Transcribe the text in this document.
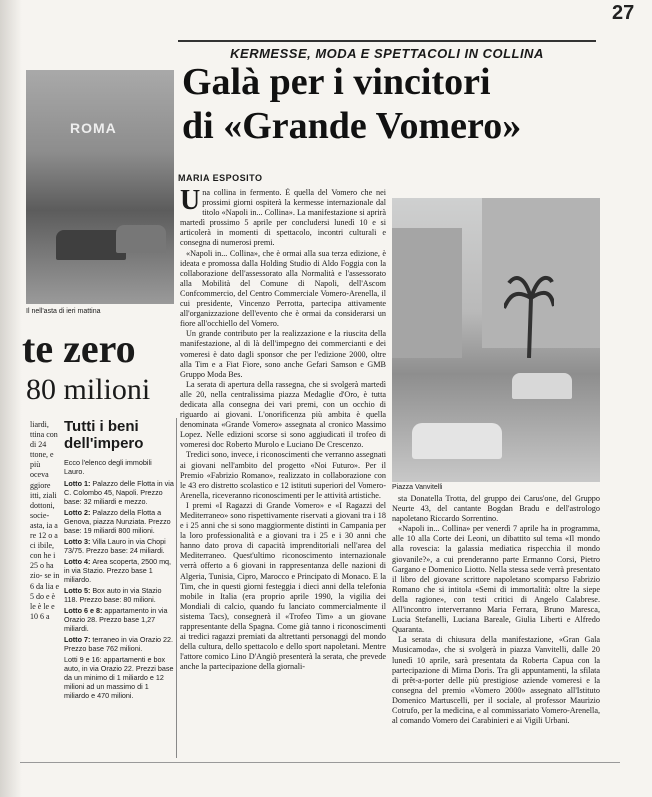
27
KERMESSE, MODA E SPETTACOLI IN COLLINA
Galà per i vincitori
di «Grande Vomero»
MARIA ESPOSITO
ROMA
Il nell'asta di ieri mattina
te zero
80 milioni
liardi, ttina con di 24 ttone, e più oceva ggiore itti, ziali dottoni, socie- asta, ia a re 12 o a ci ibile, con he i 25 o ha zio- se in 6 da lia e 5 do e è le è le e 10 6 a
Tutti i beni dell'impero
Ecco l'elenco degli immobili Lauro.

Lotto 1: Palazzo delle Flotta in via C. Colombo 45, Napoli. Prezzo base: 32 miliardi e mezzo.

Lotto 2: Palazzo della Flotta a Genova, piazza Nunziata. Prezzo base: 19 miliardi 800 milioni.

Lotto 3: Villa Lauro in via Chopi 73/75. Prezzo base: 24 miliardi.

Lotto 4: Area scoperta, 2500 mq, in via Stazio. Prezzo base 1 miliardo.

Lotto 5: Box auto in via Stazio 118. Prezzo base: 80 milioni.

Lotto 6 e 8: appartamento in via Orazio 28. Prezzo base 1,27 miliardi.

Lotto 7: terraneo in via Orazio 22. Prezzo base 762 milioni.

Lotti 9 e 16: appartamenti e box auto, in via Orazio 22. Prezzi base da un minimo di 1 miliardo e 12 milioni ad un massimo di 1 miliardo e 470 milioni.

U na collina in fermento. È quella del Vomero che nei prossimi giorni ospiterà la kermesse internazionale dal titolo «Napoli in... Collina». La manifestazione si aprirà martedì prossimo 5 aprile per concludersi lunedì 10 e si articolerà in momenti di spettacolo, incontri culturali e consegna di numerosi premi.

«Napoli in... Collina», che è ormai alla sua terza edizione, è ideata e promossa dalla Holding Studio di Aldo Foggia con la collaborazione dell'assessorato alla Normalità e l'assessorato alla Mobilità del Comune di Napoli, dell'Ascom Confcommercio, del Centro Commerciale Vomero-Arenella, il cui presidente, Vincenzo Perrotta, partecipa attivamente all'organizzazione dell'evento che è ormai da considerarsi un fiore all'occhiello del Vomero.

Un grande contributo per la realizzazione e la riuscita della manifestazione, al di là dell'impegno dei commercianti e dei vomeresi è dato dagli sponsor che per l'edizione 2000, oltre alla Tim e a Fiat Fiore, sono anche Gefari Samson e GMB Gruppo Moda Bes.

La serata di apertura della rassegna, che si svolgerà martedì alle 20, nella centralissima piazza Medaglie d'Oro, è tutta dedicata alla consegna dei vari premi, con un occhio di riguardo ai giovani. L'onorificenza più ambita è quella denominata «Grande Vomero» assegnata al cronico Massimo Lopez. Nelle edizioni scorse si sono aggiudicati il trofeo di vomeresi doc Roberto Murolo e Luciano De Crescenzo.

Tredici sono, invece, i riconoscimenti che verranno assegnati ai giovani nell'ambito del progetto «Noi Futuro». Per il Premio «Fabrizio Romano», realizzato in collaborazione con le 43 ero distretto scolastico e 12 istituti superiori del Vomero-Arenella, riceveranno riconoscimenti per le attività artistiche.

I premi «I Ragazzi di Grande Vomero» e «I Ragazzi del Mediterraneo» sono rispettivamente riservati a giovani tra i 18 e i 25 anni che si sono maggiormente distinti in Campania per la loro professionalità e a giovani tra i 25 e i 30 anni che hanno dato prova di capacità imprenditoriali nell'area del Mediterraneo. Quest'ultimo riconoscimento internazionale verrà offerto a 6 giovani in rappresentanza delle nazioni di Algeria, Tunisia, Cipro, Marocco e Principato di Monaco. E la Tim, che in questi giorni festeggia i dieci anni della telefonia mobile in Italia (era proprio aprile 1990, la vigilia dei Mondiali di calcio, quando fu lanciato commercialmente il sistema Tacs), consegnerà il «Trofeo Tim» a un giovane rappresentante della Spagna. Come già tanno i riconoscimenti ai tredici ragazzi premiati da altrettanti personaggi del mondo della cultura, dello spettacolo e dello sport napoletani. Mentre l'attore comico Lino D'Angiò presenterà la serata, che prevede anche la partecipazione della giornali-

Piazza Vanvitelli

sta Donatella Trotta, del gruppo dei Carus'one, del Gruppo Neurte 43, del cantante Bogdan Bradu e dell'astrologo napoletano Riccardo Sorrentino.

«Napoli in... Collina» per venerdì 7 aprile ha in programma, alle 10 alla Corte dei Leoni, un dibattito sul tema «Il mondo alla rovescia: la galassia mediatica rispecchia il mondo giovanile?», a cui prenderanno parte Ermanno Corsi, Pietro Gargano e Domenico Liotto. Nella stessa sede verrà presentato il libro del giovane scrittore napoletano scomparso Fabrizio Romano che si intitola «Semi di immortalità: oltre la siepe della ragione», con testi critici di Angelo Calabrese. All'incontro interverranno Maria Ferrara, Bruno Maresca, Lucia Stefanelli, Luciana Bareale, Giulia Liberti e Alfredo Quaranta.

La serata di chiusura della manifestazione, «Gran Gala Musicamoda», che si svolgerà in piazza Vanvitelli, dalle 20 lunedì 10 aprile, sarà presentata da Roberta Capua con la partecipazione di Mirna Doris. Tra gli appuntamenti, la sfilata di prêt-a-porter delle più prestigiose aziende vomeresi e la consegna del premio «Vomero 2000» assegnato all'Istituto Domenico Martuscelli, per il sociale, al professor Maurizio Cotrufo, per la medicina, e al commissariato Vomero-Arenella, al comando Vomero dei Carabinieri e ai Vigili Urbani.
